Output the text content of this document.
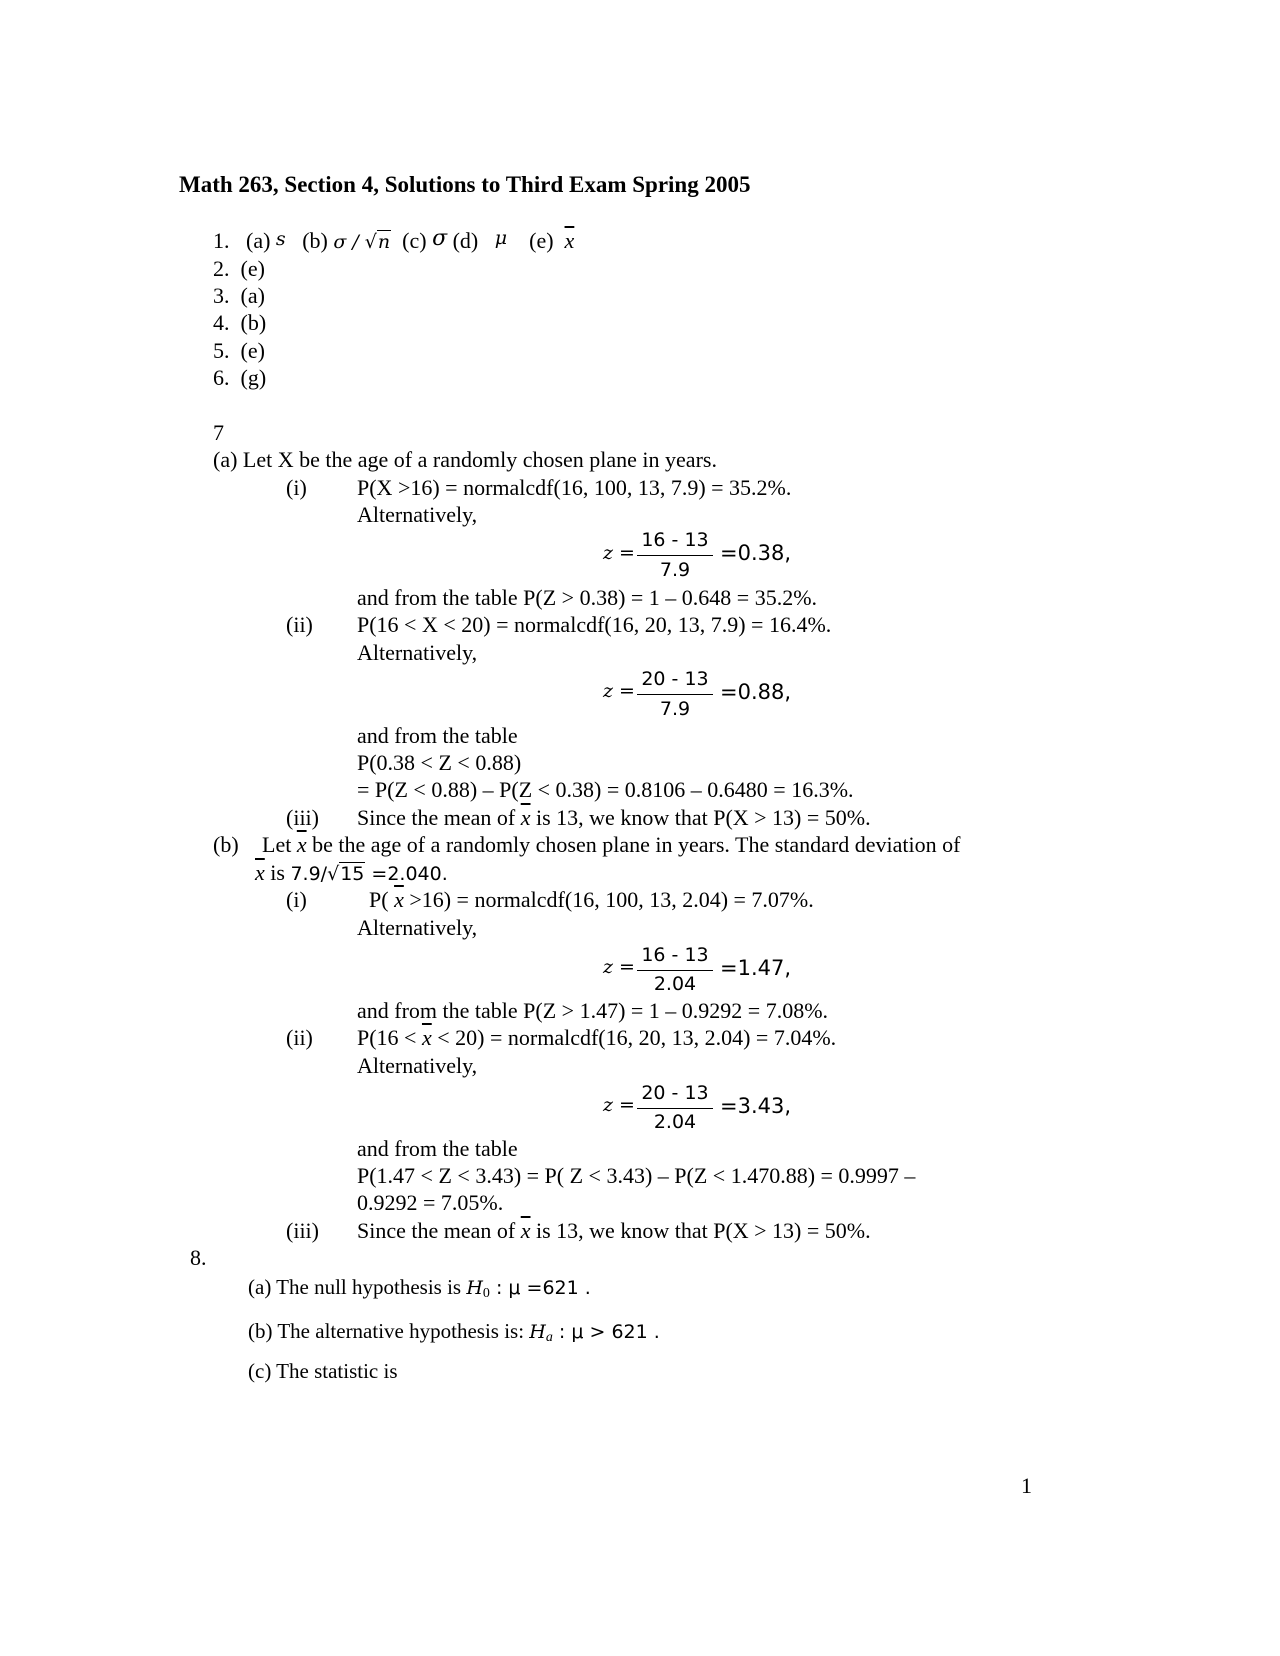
Math 263, Section 4, Solutions to Third Exam Spring 2005
1. (a) s (b) σ / √n (c) σ (d) μ (e) $\overline{x}$
2. (e)
3. (a)
4. (b)
5. (e)
6. (g)
7
(a) Let X be the age of a randomly chosen plane in years.
(i) P(X >16) = normalcdf(16, 100, 13, 7.9) = 35.2%.
Alternatively,
z =
16 - 13
7.9
=0.38,
and from the table P(Z > 0.38) = 1 – 0.648 = 35.2%.
(ii) P(16 < X < 20) = normalcdf(16, 20, 13, 7.9) = 16.4%.
Alternatively,
z =
20 - 13
7.9
=0.88,
and from the table
P(0.38 < Z < 0.88)
= P(Z < 0.88) – P(Z < 0.38) = 0.8106 – 0.6480 = 16.3%.
(iii) Since the mean of $\overline{x}$ is 13, we know that P(X > 13) = 50%.
(b) Let $\overline{x}$ be the age of a randomly chosen plane in years. The standard deviation of
$\overline{x}$ is 7.9/√15 =2.040.
(i)	P( $\overline{x} >16$) = normalcdf(16, 100, 13, 2.04) = 7.07%.
Alternatively,
z =
16 - 13
2.04
=1.47,
and from the table P(Z > 1.47) = 1 – 0.9292 = 7.08%.
(ii) $P(16 < \overline{x} < 20)$ = normalcdf(16, 20, 13, 2.04) = 7.04%.
Alternatively,
z =
20 - 13
2.04
=3.43,
and from the table
P(1.47 < Z < 3.43) = P( Z < 3.43) – P(Z < 1.470.88) = 0.9997 –
0.9292 = 7.05%.
(iii) Since the mean of $\overline{x}$ is 13, we know that P(X > 13) = 50%.
8.
(a) The null hypothesis is H0 : μ =621 .
(b) The alternative hypothesis is: Ha : μ > 621 .
(c) The statistic is
1
